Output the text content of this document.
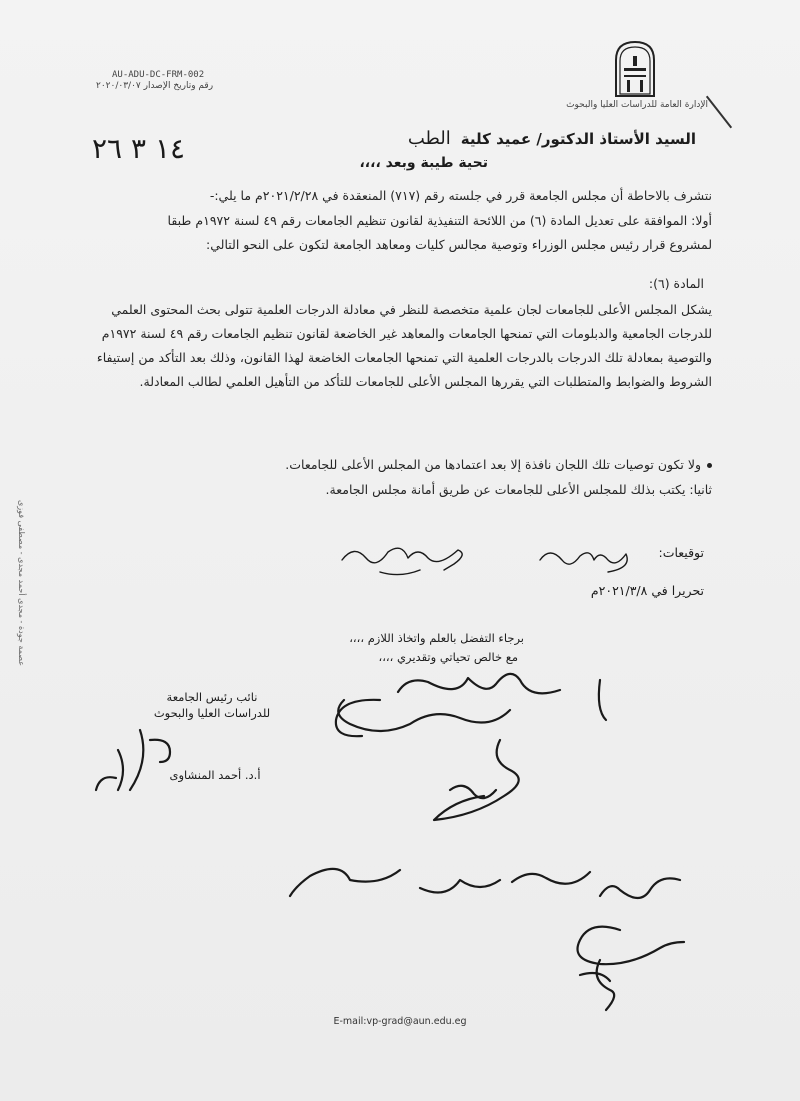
الإدارة العامة للدراسات العليا والبحوث
AU-ADU-DC-FRM-002
رقم وتاريخ الإصدار ٢٠٢٠/٠٣/٠٧
السيد الأستاذ الدكتور/ عميد كليةالطب
تحية طيبة وبعد ،،،،
نتشرف بالاحاطة أن مجلس الجامعة قرر في جلسته رقم (٧١٧) المنعقدة في ٢٠٢١/٢/٢٨م ما يلي:-
أولا: الموافقة على تعديل المادة (٦) من اللائحة التنفيذية لقانون تنظيم الجامعات رقم ٤٩ لسنة ١٩٧٢م طبقا
لمشروع قرار رئيس مجلس الوزراء وتوصية مجالس كليات ومعاهد الجامعة لتكون على النحو التالي:
المادة (٦):
يشكل المجلس الأعلى للجامعات لجان علمية متخصصة للنظر في معادلة الدرجات العلمية تتولى بحث المحتوى العلمي للدرجات الجامعية والدبلومات التي تمنحها الجامعات والمعاهد غير الخاضعة لقانون تنظيم الجامعات رقم ٤٩ لسنة ١٩٧٢م والتوصية بمعادلة تلك الدرجات بالدرجات العلمية التي تمنحها الجامعات الخاضعة لهذا القانون، وذلك بعد التأكد من إستيفاء الشروط والضوابط والمتطلبات التي يقررها المجلس الأعلى للجامعات للتأكد من التأهيل العلمي لطالب المعادلة.
ولا تكون توصيات تلك اللجان نافذة إلا بعد اعتمادها من المجلس الأعلى للجامعات.
ثانيا: يكتب بذلك للمجلس الأعلى للجامعات عن طريق أمانة مجلس الجامعة.
توقيعات:
تحريرا في ٢٠٢١/٣/٨م
برجاء التفضل بالعلم واتخاذ اللازم ،،،،
مع خالص تحياتي وتقديري ،،،،
نائب رئيس الجامعة
للدراسات العليا والبحوث
أ.د. أحمد المنشاوى
عصمة جودة - مجدى أحمد مجدى - مصطفى فوزى
E-mail:vp-grad@aun.edu.eg
١٤ ٣ ٢٦
